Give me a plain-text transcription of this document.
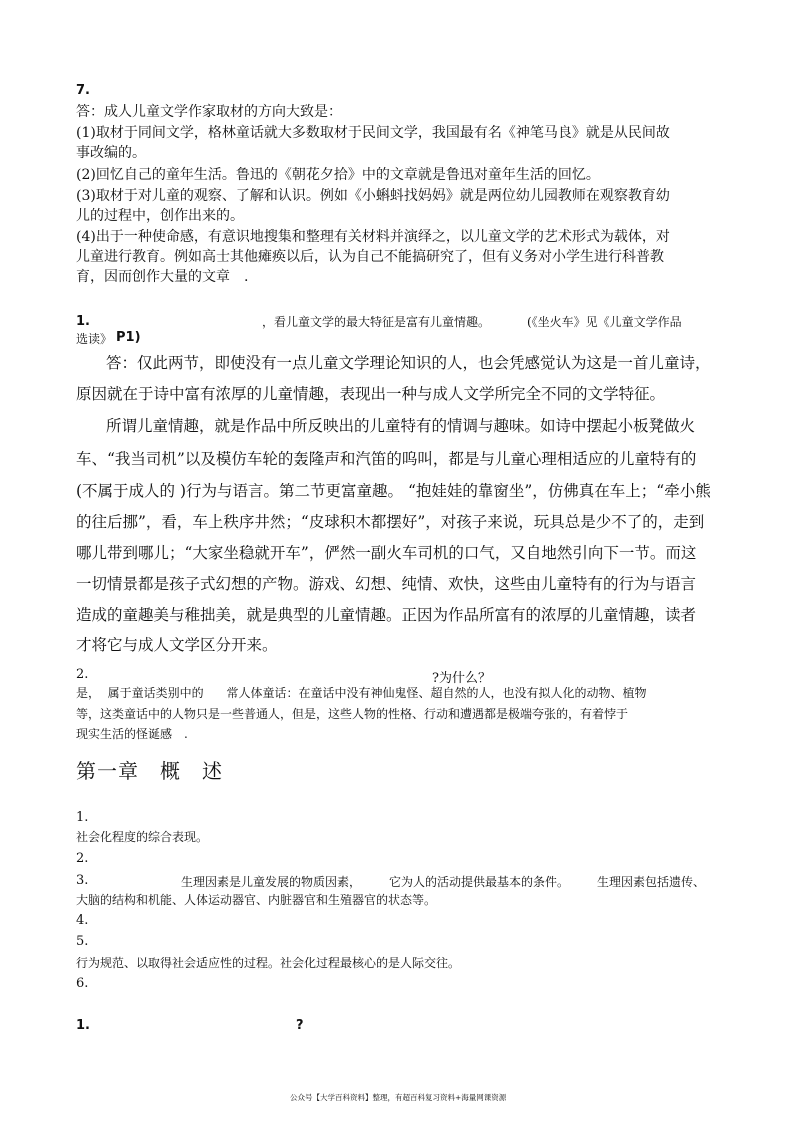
7.
答：成人儿童文学作家取材的方向大致是：
(1)取材于同间文学，格林童话就大多数取材于民间文学，我国最有名《神笔马良》就是从民间故
事改编的。
(2)回忆自己的童年生活。鲁迅的《朝花夕拾》中的文章就是鲁迅对童年生活的回忆。
(3)取材于对儿童的观察、了解和认识。例如《小蝌蚪找妈妈》就是两位幼儿园教师在观察教育幼
儿的过程中，创作出来的。
(4)出于一种使命感，有意识地搜集和整理有关材料并演绎之，以儿童文学的艺术形式为载体，对
儿童进行教育。例如高士其他瘫痪以后，认为自己不能搞研究了，但有义务对小学生进行科普教
育，因而创作大量的文章　.
1.	，看儿童文学的最大特征是富有儿童情趣。	(《坐火车》见《儿童文学作品
选读》 P1)
答：仅此两节，即使没有一点儿童文学理论知识的人，也会凭感觉认为这是一首儿童诗，
原因就在于诗中富有浓厚的儿童情趣，表现出一种与成人文学所完全不同的文学特征。
所谓儿童情趣，就是作品中所反映出的儿童特有的情调与趣味。如诗中摆起小板凳做火
车、“我当司机”以及模仿车轮的轰隆声和汽笛的呜叫，都是与儿童心理相适应的儿童特有的
(不属于成人的 )行为与语言。第二节更富童趣。 “抱娃娃的靠窗坐”，仿佛真在车上；“牵小熊
的往后挪”，看，车上秩序井然；“皮球积木都摆好”，对孩子来说，玩具总是少不了的，走到
哪儿带到哪儿；“大家坐稳就开车”，俨然一副火车司机的口气，又自地然引向下一节。而这
一切情景都是孩子式幻想的产物。游戏、幻想、纯情、欢快，这些由儿童特有的行为与语言
造成的童趣美与稚拙美，就是典型的儿童情趣。正因为作品所富有的浓厚的儿童情趣，读者
才将它与成人文学区分开来。
2.	?为什么？
是，  属于童话类别中的      常人体童话：在童话中没有神仙鬼怪、超自然的人，也没有拟人化的动物、植物
等，这类童话中的人物只是一些普通人，但是，这些人物的性格、行动和遭遇都是极端夸张的，有着悖于
现实生活的怪诞感　.
第一章　概　述
1.
社会化程度的综合表现。
2.
3.	生理因素是儿童发展的物质因素， 它为人的活动提供最基本的条件。 生理因素包括遗传、
大脑的结构和机能、人体运动器官、内脏器官和生殖器官的状态等。
4.
5.
行为规范、以取得社会适应性的过程。社会化过程最核心的是人际交往。
6.
1.	?
公众号【大学百科资料】整理，有超百科复习资料+海量网课资源
